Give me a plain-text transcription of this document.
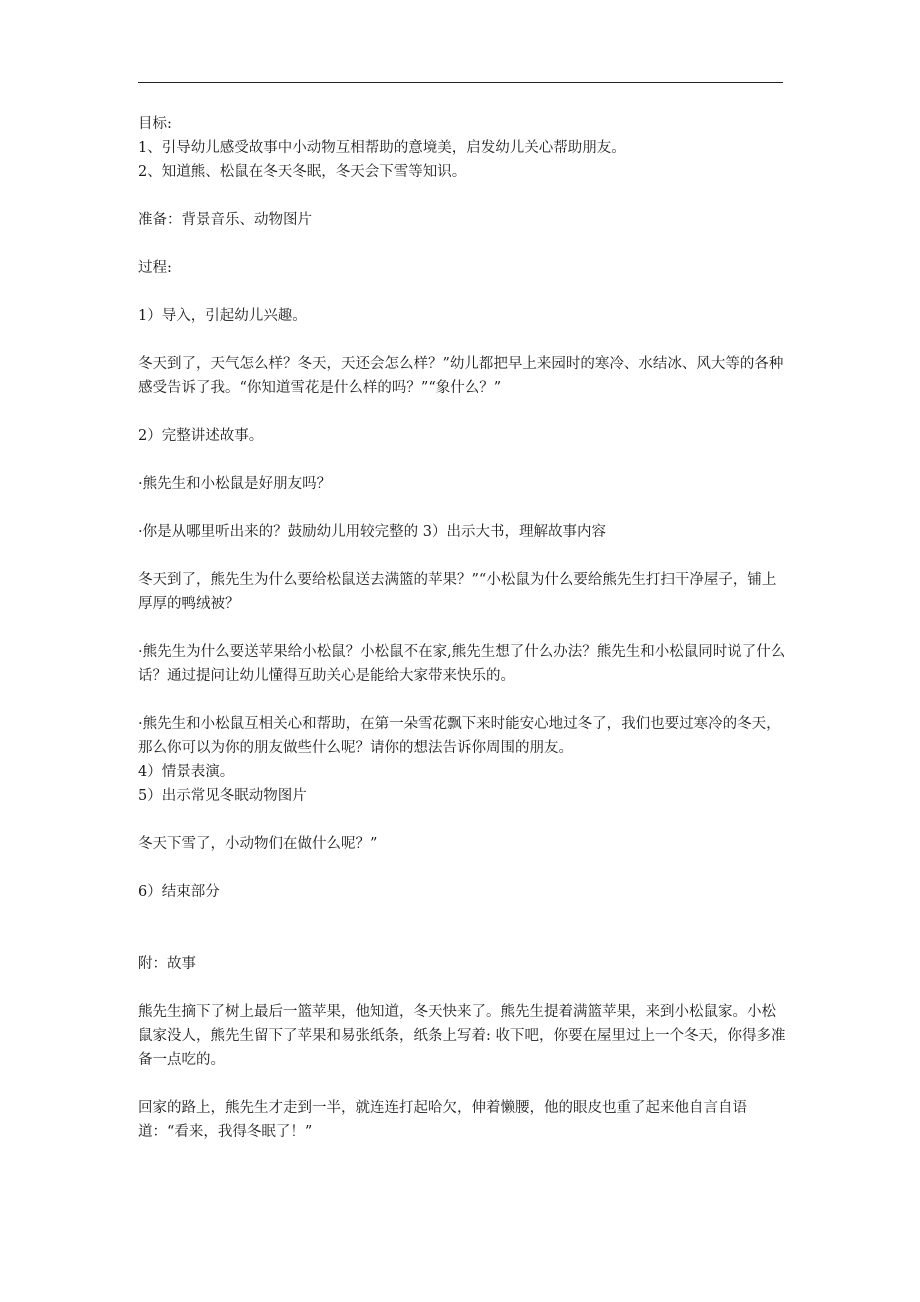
目标:

1、引导幼儿感受故事中小动物互相帮助的意境美，启发幼儿关心帮助朋友。

2、知道熊、松鼠在冬天冬眠，冬天会下雪等知识。

准备：背景音乐、动物图片

过程:

1）导入，引起幼儿兴趣。

冬天到了，天气怎么样？冬天，天还会怎么样？”幼儿都把早上来园时的寒冷、水结冰、风大等的各种感受告诉了我。“你知道雪花是什么样的吗？”“象什么？”

2）完整讲述故事。

·熊先生和小松鼠是好朋友吗？

·你是从哪里听出来的？鼓励幼儿用较完整的 3）出示大书，理解故事内容

冬天到了，熊先生为什么要给松鼠送去满篮的苹果？”“小松鼠为什么要给熊先生打扫干净屋子，铺上厚厚的鸭绒被？

·熊先生为什么要送苹果给小松鼠？小松鼠不在家,熊先生想了什么办法？熊先生和小松鼠同时说了什么话？通过提问让幼儿懂得互助关心是能给大家带来快乐的。

·熊先生和小松鼠互相关心和帮助，在第一朵雪花飘下来时能安心地过冬了，我们也要过寒冷的冬天，那么你可以为你的朋友做些什么呢？请你的想法告诉你周围的朋友。

4）情景表演。

5）出示常见冬眠动物图片

冬天下雪了，小动物们在做什么呢？”

6）结束部分

附：故事

熊先生摘下了树上最后一篮苹果，他知道，冬天快来了。熊先生提着满篮苹果，来到小松鼠家。小松鼠家没人，熊先生留下了苹果和易张纸条，纸条上写着: 收下吧，你要在屋里过上一个冬天，你得多准备一点吃的。

回家的路上，熊先生才走到一半，就连连打起哈欠，伸着懒腰，他的眼皮也重了起来他自言自语道：“看来，我得冬眠了！”
